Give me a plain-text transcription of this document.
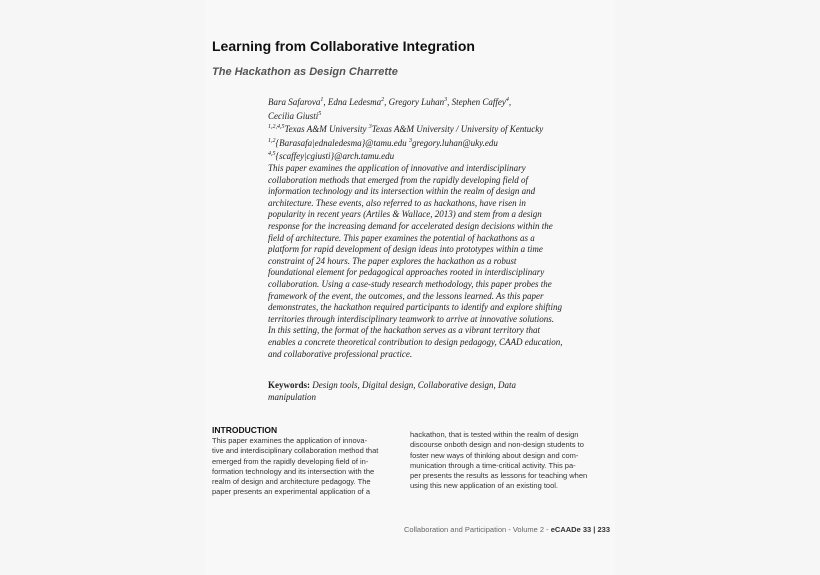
Learning from Collaborative Integration
The Hackathon as Design Charrette
Bara Safarova$^1$, Edna Ledesma$^2$, Gregory Luhan$^3$, Stephen Caffey$^4$,
Cecilia Giusti$^5$
$^{1,2,4,5}$Texas A&M University $^3$Texas A&M University / University of Kentucky
$^{1,2}${Barasafa|ednaledesma}@tamu.edu $^3$gregory.luhan@uky.edu
$^{4,5}${scaffey|cgiusti}@arch.tamu.edu
This paper examines the application of innovative and interdisciplinary
collaboration methods that emerged from the rapidly developing field of
information technology and its intersection within the realm of design and
architecture. These events, also referred to as hackathons, have risen in
popularity in recent years (Artiles & Wallace, 2013) and stem from a design
response for the increasing demand for accelerated design decisions within the
field of architecture. This paper examines the potential of hackathons as a
platform for rapid development of design ideas into prototypes within a time
constraint of 24 hours. The paper explores the hackathon as a robust
foundational element for pedagogical approaches rooted in interdisciplinary
collaboration. Using a case-study research methodology, this paper probes the
framework of the event, the outcomes, and the lessons learned. As this paper
demonstrates, the hackathon required participants to identify and explore shifting
territories through interdisciplinary teamwork to arrive at innovative solutions.
In this setting, the format of the hackathon serves as a vibrant territory that
enables a concrete theoretical contribution to design pedagogy, CAAD education,
and collaborative professional practice.
Keywords: Design tools, Digital design, Collaborative design, Data
manipulation
INTRODUCTION
This paper examines the application of innova-
tive and interdisciplinary collaboration method that
emerged from the rapidly developing field of in-
formation technology and its intersection with the
realm of design and architecture pedagogy. The
paper presents an experimental application of a
hackathon, that is tested within the realm of design
discourse onboth design and non-design students to
foster new ways of thinking about design and com-
munication through a time-critical activity. This pa-
per presents the results as lessons for teaching when
using this new application of an existing tool.
Collaboration and Participation - Volume 2 - eCAADe 33 | 233
